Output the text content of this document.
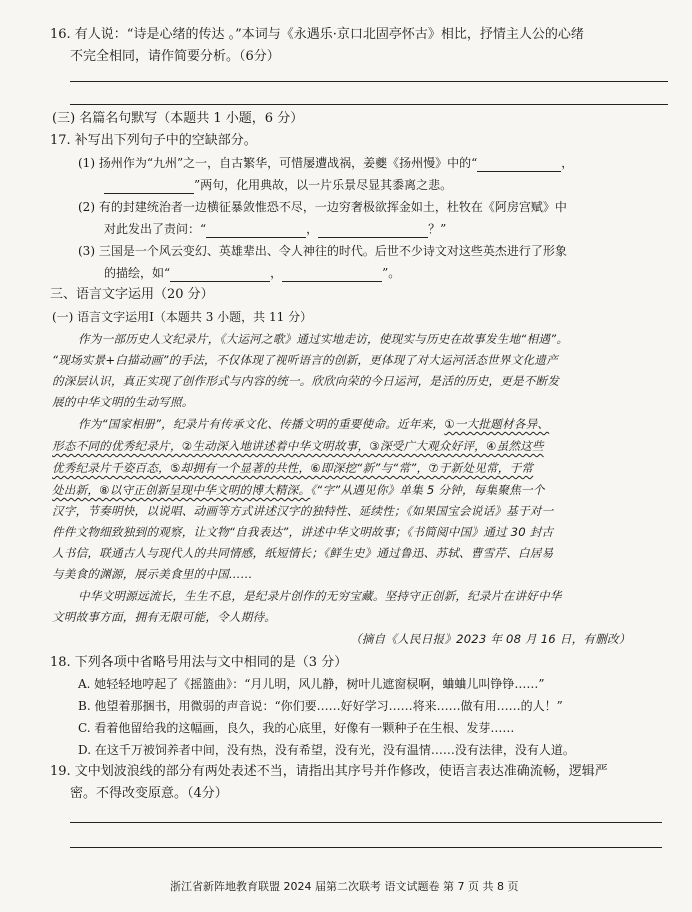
16. 有人说：“诗是心绪的传达 。”本词与《永遇乐·京口北固亭怀古》相比，抒情主人公的心绪
不完全相同，请作简要分析。（6分）
(三) 名篇名句默写（本题共 1 小题，6 分）
17. 补写出下列句子中的空缺部分。
(1) 扬州作为“九州”之一，自古繁华，可惜屡遭战祸，姜夔《扬州慢》中的“	，
”两句，化用典故，以一片乐景尽显其黍离之悲。
(2) 有的封建统治者一边横征暴敛惟恐不尽，一边穷奢极欲挥金如土，杜牧在《阿房宫赋》中
对此发出了责问：“	，	？”
(3) 三国是一个风云变幻、英雄辈出、令人神往的时代。后世不少诗文对这些英杰进行了形象
的描绘，如“	，	”。
三、语言文字运用（20 分）
(一) 语言文字运用Ⅰ（本题共 3 小题，共 11 分）
作为一部历史人文纪录片，《大运河之歌》通过实地走访，使现实与历史在故事发生地“相遇”。
“现场实景+白描动画”的手法，不仅体现了视听语言的创新，更体现了对大运河活态世界文化遗产
的深层认识，真正实现了创作形式与内容的统一。欣欣向荣的今日运河，是活的历史，更是不断发
展的中华文明的生动写照。
作为“国家相册”，纪录片有传承文化、传播文明的重要使命。近年来，①一大批题材各异、
形态不同的优秀纪录片，②生动深入地讲述着中华文明故事，③深受广大观众好评，④虽然这些
优秀纪录片千姿百态，⑤却拥有一个显著的共性，⑥即深挖“新”与“常”，⑦于新处见常，于常
处出新，⑧以守正创新呈现中华文明的博大精深。《“字”从遇见你》单集 5 分钟，每集聚焦一个
汉字，节奏明快，以说唱、动画等方式讲述汉字的独特性、延续性；《如果国宝会说话》基于对一
件件文物细致独到的观察，让文物“自我表达”，讲述中华文明故事；《书简阅中国》通过 30 封古
人书信，联通古人与现代人的共同情感，纸短情长；《鲜生史》通过鲁迅、苏轼、曹雪芹、白居易
与美食的渊源，展示美食里的中国……
中华文明源远流长，生生不息，是纪录片创作的无穷宝藏。坚持守正创新，纪录片在讲好中华
文明故事方面，拥有无限可能，令人期待。
（摘自《人民日报》2023 年 08 月 16 日，有删改）
18. 下列各项中省略号用法与文中相同的是（3 分）
A. 她轻轻地哼起了《摇篮曲》：“月儿明，风儿静，树叶儿遮窗棂啊，蛐蛐儿叫铮铮……”
B. 他望着那捆书，用微弱的声音说：“你们要……好好学习……将来……做有用……的人！”
C. 看着他留给我的这幅画，良久，我的心底里，好像有一颗种子在生根、发芽……
D. 在这千万被饲养者中间，没有热，没有希望，没有光，没有温情……没有法律，没有人道。
19. 文中划波浪线的部分有两处表述不当，请指出其序号并作修改，使语言表达准确流畅，逻辑严
密。不得改变原意。（4分）
浙江省新阵地教育联盟 2024 届第二次联考 语文试题卷 第 7 页 共 8 页
